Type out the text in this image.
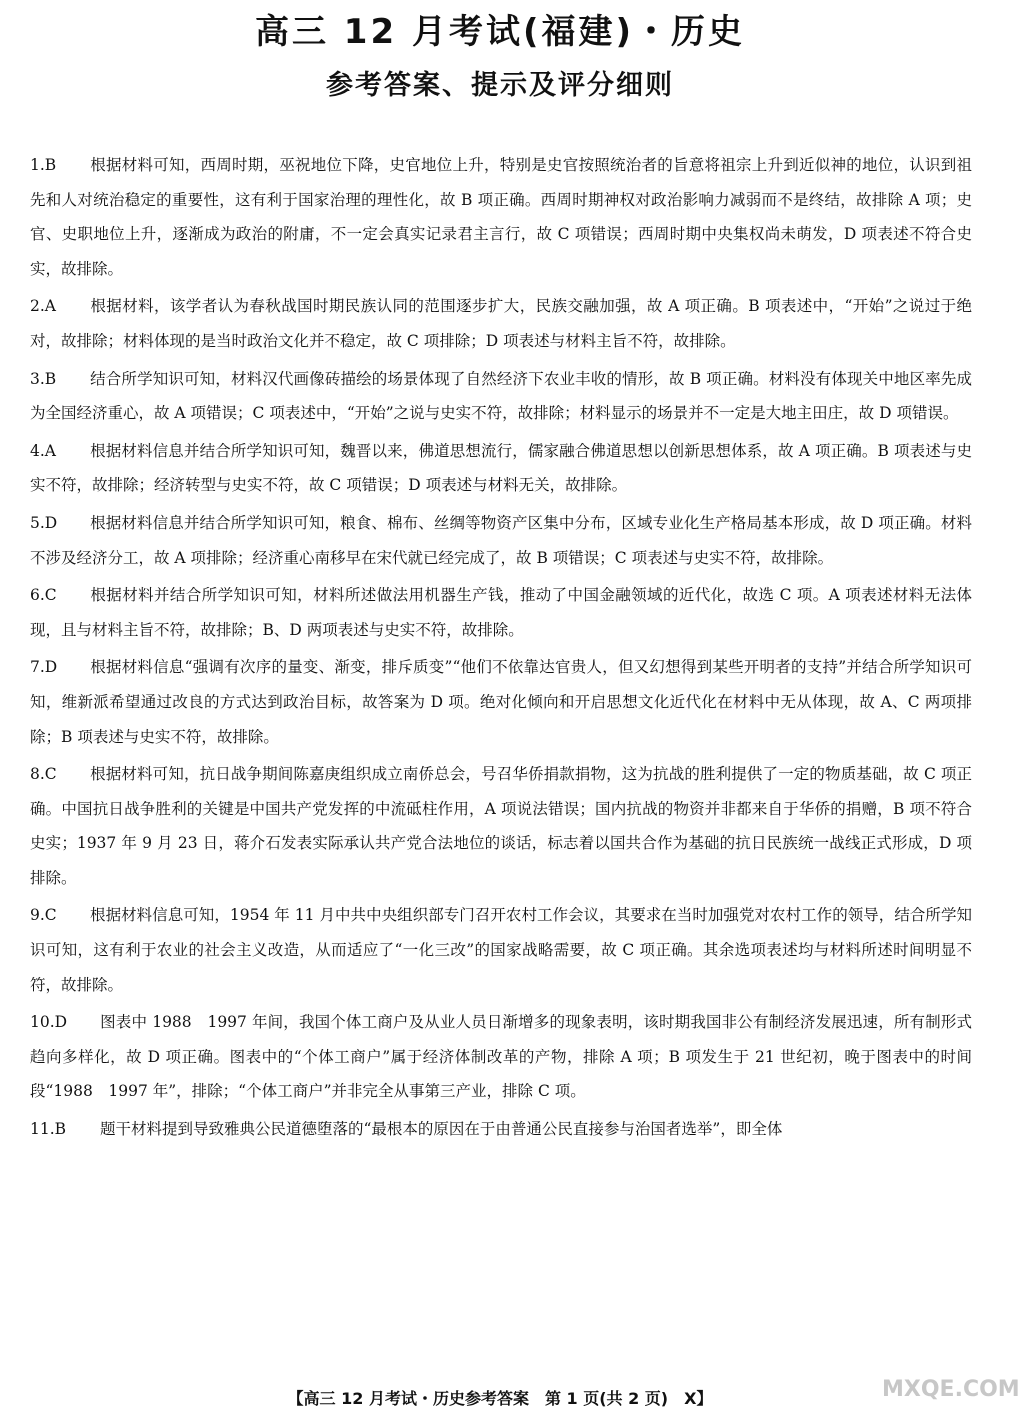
高三 12 月考试(福建)・历史
参考答案、提示及评分细则
1.B 根据材料可知，西周时期，巫祝地位下降，史官地位上升，特别是史官按照统治者的旨意将祖宗上升到近似神的地位，认识到祖先和人对统治稳定的重要性，这有利于国家治理的理性化，故 B 项正确。西周时期神权对政治影响力减弱而不是终结，故排除 A 项；史官、史职地位上升，逐渐成为政治的附庸，不一定会真实记录君主言行，故 C 项错误；西周时期中央集权尚未萌发，D 项表述不符合史实，故排除。
2.A 根据材料，该学者认为春秋战国时期民族认同的范围逐步扩大，民族交融加强，故 A 项正确。B 项表述中，“开始”之说过于绝对，故排除；材料体现的是当时政治文化并不稳定，故 C 项排除；D 项表述与材料主旨不符，故排除。
3.B 结合所学知识可知，材料汉代画像砖描绘的场景体现了自然经济下农业丰收的情形，故 B 项正确。材料没有体现关中地区率先成为全国经济重心，故 A 项错误；C 项表述中，“开始”之说与史实不符，故排除；材料显示的场景并不一定是大地主田庄，故 D 项错误。
4.A 根据材料信息并结合所学知识可知，魏晋以来，佛道思想流行，儒家融合佛道思想以创新思想体系，故 A 项正确。B 项表述与史实不符，故排除；经济转型与史实不符，故 C 项错误；D 项表述与材料无关，故排除。
5.D 根据材料信息并结合所学知识可知，粮食、棉布、丝绸等物资产区集中分布，区域专业化生产格局基本形成，故 D 项正确。材料不涉及经济分工，故 A 项排除；经济重心南移早在宋代就已经完成了，故 B 项错误；C 项表述与史实不符，故排除。
6.C 根据材料并结合所学知识可知，材料所述做法用机器生产钱，推动了中国金融领域的近代化，故选 C 项。A 项表述材料无法体现，且与材料主旨不符，故排除；B、D 两项表述与史实不符，故排除。
7.D 根据材料信息“强调有次序的量变、渐变，排斥质变”“他们不依靠达官贵人，但又幻想得到某些开明者的支持”并结合所学知识可知，维新派希望通过改良的方式达到政治目标，故答案为 D 项。绝对化倾向和开启思想文化近代化在材料中无从体现，故 A、C 两项排除；B 项表述与史实不符，故排除。
8.C 根据材料可知，抗日战争期间陈嘉庚组织成立南侨总会，号召华侨捐款捐物，这为抗战的胜利提供了一定的物质基础，故 C 项正确。中国抗日战争胜利的关键是中国共产党发挥的中流砥柱作用，A 项说法错误；国内抗战的物资并非都来自于华侨的捐赠，B 项不符合史实；1937 年 9 月 23 日，蒋介石发表实际承认共产党合法地位的谈话，标志着以国共合作为基础的抗日民族统一战线正式形成，D 项排除。
9.C 根据材料信息可知，1954 年 11 月中共中央组织部专门召开农村工作会议，其要求在当时加强党对农村工作的领导，结合所学知识可知，这有利于农业的社会主义改造，从而适应了“一化三改”的国家战略需要，故 C 项正确。其余选项表述均与材料所述时间明显不符，故排除。
10.D 图表中 1988　1997 年间，我国个体工商户及从业人员日渐增多的现象表明，该时期我国非公有制经济发展迅速，所有制形式趋向多样化，故 D 项正确。图表中的“个体工商户”属于经济体制改革的产物，排除 A 项；B 项发生于 21 世纪初，晚于图表中的时间段“1988　1997 年”，排除；“个体工商户”并非完全从事第三产业，排除 C 项。
11.B 题干材料提到导致雅典公民道德堕落的“最根本的原因在于由普通公民直接参与治国者选举”，即全体
【高三 12 月考试・历史参考答案　第 1 页(共 2 页)　X】	MXQE.COM
